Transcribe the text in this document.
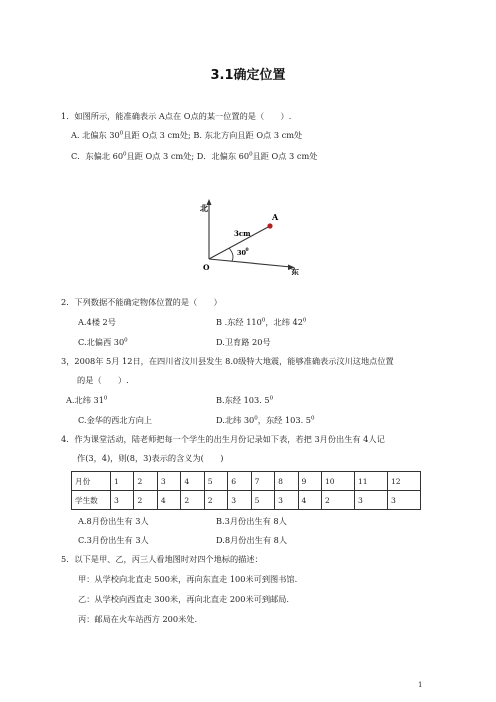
3.1确定位置
1．如图所示，能准确表示 A点在 O点的某一位置的是（　　）.
A. 北偏东 $30^0$且距 O点 3 cm处; B. 东北方向且距 O点 3 cm处
C．东偏北 $60^0$且距 O点 3 cm处; D．北偏东 $60^0$且距 O点 3 cm处
北
东
O
A
3cm
30 0
2．下列数据不能确定物体位置的是（　　）
A.4楼 2号	B .东经 $110^0$，北纬 $42^0$
C.北偏西 $30^0$	D.卫育路 20号
3，2008年 5月 12日，在四川省汶川县发生 8.0级特大地震，能够准确表示汶川这地点位置
的是（　　）.
A.北纬 $31^0$	B.东经 103. $5^0$
C.金华的西北方向上	D.北纬 $30^0$，东经 103. $5^0$
4．作为课堂活动，陆老师把每一个学生的出生月份记录如下表，若把 3月份出生有 4人记
作(3，4)，则(8，3)表示的含义为(　　)
月份	1	2	3	4	5	6	7	8	9	10	11	12
学生数	3	2	4	2	2	3	5	3	4	2	3	3
A.8月份出生有 3人	B.3月份出生有 8人
C.3月份出生有 3人	D.8月份出生有 8人
5．以下是甲、乙，丙三人看地图时对四个地标的描述：
甲：从学校向北直走 500米，再向东直走 100米可到图书馆.
乙：从学校向西直走 300米，再向北直走 200米可到邮局.
丙：邮局在火车站西方 200米处.
1
